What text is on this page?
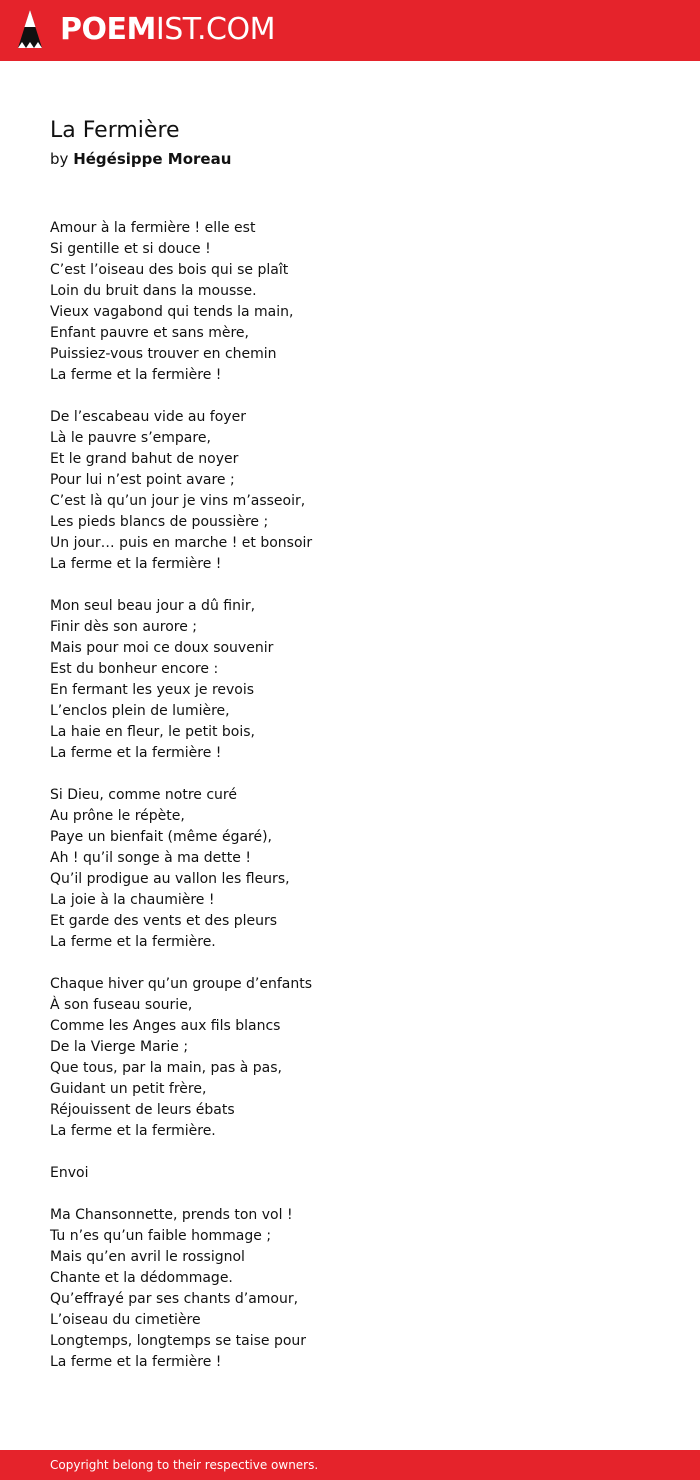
POEMIST.COM
La Fermière
by Hégésippe Moreau
Amour à la fermière ! elle est
Si gentille et si douce !
C’est l’oiseau des bois qui se plaît
Loin du bruit dans la mousse.
Vieux vagabond qui tends la main,
Enfant pauvre et sans mère,
Puissiez-vous trouver en chemin
La ferme et la fermière !
De l’escabeau vide au foyer
Là le pauvre s’empare,
Et le grand bahut de noyer
Pour lui n’est point avare ;
C’est là qu’un jour je vins m’asseoir,
Les pieds blancs de poussière ;
Un jour… puis en marche ! et bonsoir
La ferme et la fermière !
Mon seul beau jour a dû finir,
Finir dès son aurore ;
Mais pour moi ce doux souvenir
Est du bonheur encore :
En fermant les yeux je revois
L’enclos plein de lumière,
La haie en fleur, le petit bois,
La ferme et la fermière !
Si Dieu, comme notre curé
Au prône le répète,
Paye un bienfait (même égaré),
Ah ! qu’il songe à ma dette !
Qu’il prodigue au vallon les fleurs,
La joie à la chaumière !
Et garde des vents et des pleurs
La ferme et la fermière.
Chaque hiver qu’un groupe d’enfants
À son fuseau sourie,
Comme les Anges aux fils blancs
De la Vierge Marie ;
Que tous, par la main, pas à pas,
Guidant un petit frère,
Réjouissent de leurs ébats
La ferme et la fermière.
Envoi
Ma Chansonnette, prends ton vol !
Tu n’es qu’un faible hommage ;
Mais qu’en avril le rossignol
Chante et la dédommage.
Qu’effrayé par ses chants d’amour,
L’oiseau du cimetière
Longtemps, longtemps se taise pour
La ferme et la fermière !
Copyright belong to their respective owners.
